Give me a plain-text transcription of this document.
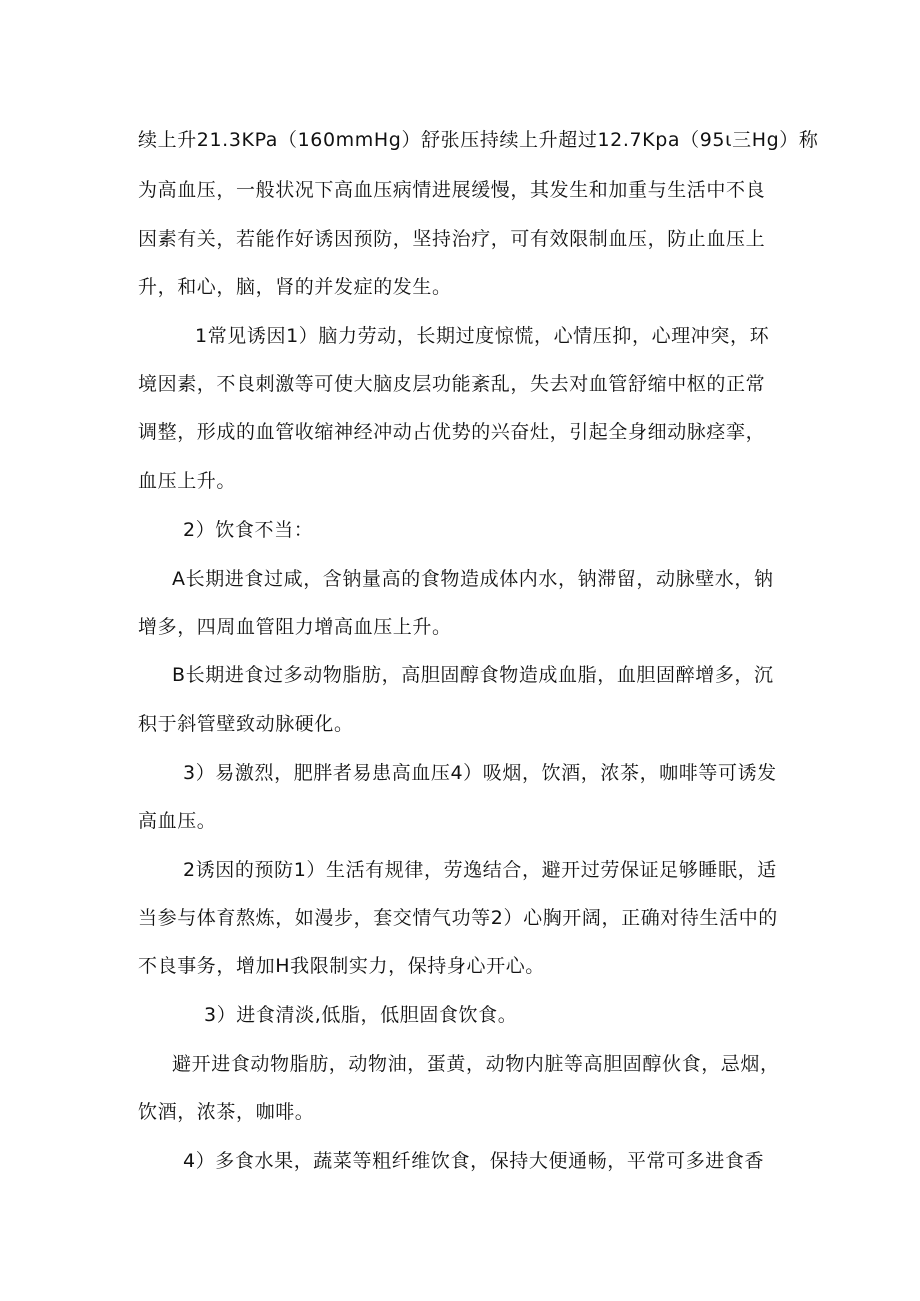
续上升21.3KPa（160mmHg）舒张压持续上升超过12.7Kpa（95ι三Hg）称
为高血压，一般状况下高血压病情进展缓慢，其发生和加重与生活中不良
因素有关，若能作好诱因预防，坚持治疗，可有效限制血压，防止血压上
升，和心，脑，肾的并发症的发生。
1常见诱因1）脑力劳动，长期过度惊慌，心情压抑，心理冲突，环
境因素，不良刺激等可使大脑皮层功能紊乱，失去对血管舒缩中枢的正常
调整，形成的血管收缩神经冲动占优势的兴奋灶，引起全身细动脉痉挛，
血压上升。
2）饮食不当：
A长期进食过咸，含钠量高的食物造成体内水，钠滞留，动脉壁水，钠
增多，四周血管阻力增高血压上升。
B长期进食过多动物脂肪，高胆固醇食物造成血脂，血胆固醉增多，沉
积于斜管壁致动脉硬化。
3）易激烈，肥胖者易患高血压4）吸烟，饮酒，浓茶，咖啡等可诱发
高血压。
2诱因的预防1）生活有规律，劳逸结合，避开过劳保证足够睡眠，适
当参与体育熬炼，如漫步，套交情气功等2）心胸开阔，正确对待生活中的
不良事务，增加H我限制实力，保持身心开心。
3）进食清淡,低脂，低胆固食饮食。
避开进食动物脂肪，动物油，蛋黄，动物内脏等高胆固醇伙食，忌烟，
饮酒，浓茶，咖啡。
4）多食水果，蔬菜等粗纤维饮食，保持大便通畅，平常可多进食香
